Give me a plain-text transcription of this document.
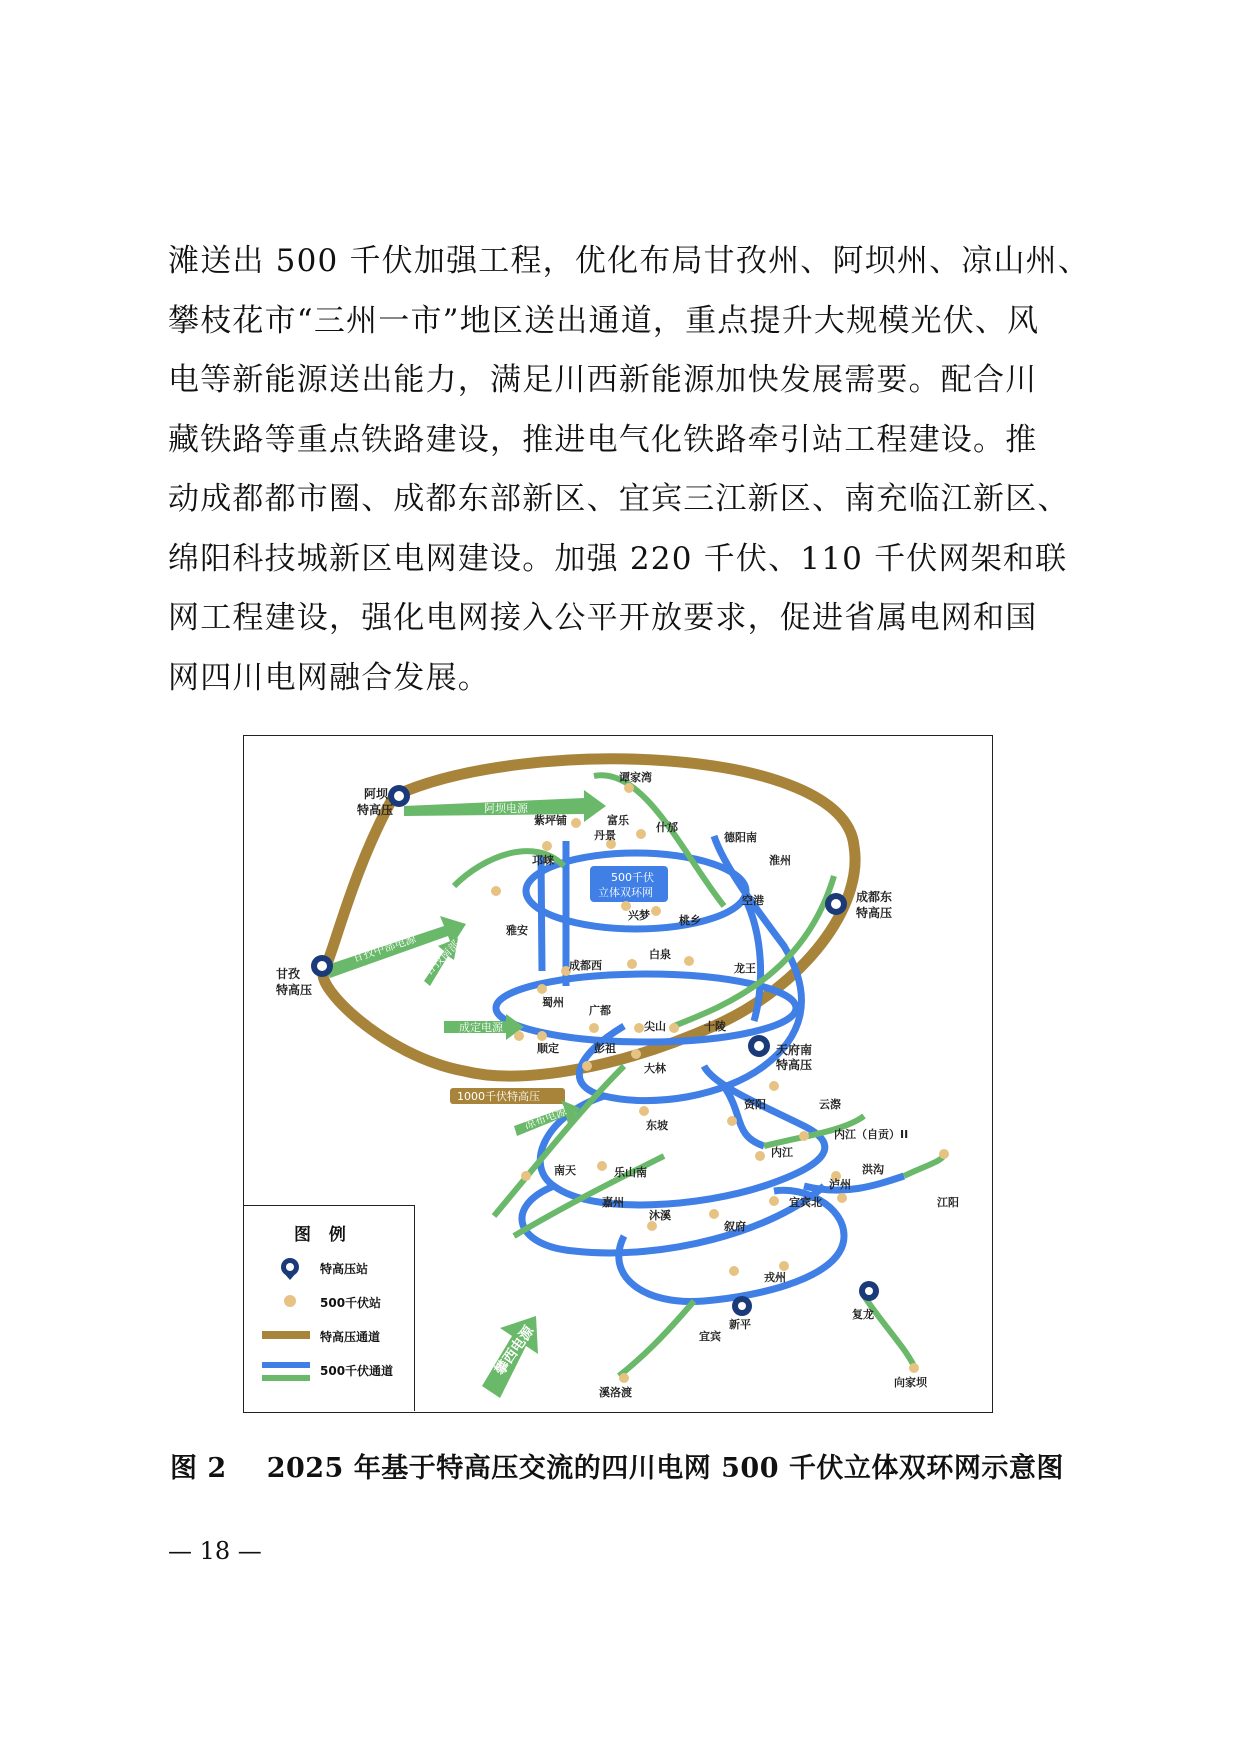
滩送出 500 千伏加强工程，优化布局甘孜州、阿坝州、凉山州、
攀枝花市“三州一市”地区送出通道，重点提升大规模光伏、风
电等新能源送出能力，满足川西新能源加快发展需要。配合川
藏铁路等重点铁路建设，推进电气化铁路牵引站工程建设。推
动成都都市圈、成都东部新区、宜宾三江新区、南充临江新区、
绵阳科技城新区电网建设。加强 220 千伏、110 千伏网架和联
网工程建设，强化电网接入公平开放要求，促进省属电网和国
网四川电网融合发展。
1000千伏特高压
阿坝电源
甘孜中部电源 甘孜南部
成定电源
凉布电源
攀西电源
500千伏
立体双环网
阿坝
特高压
成都东
特高压
甘孜
特高压
天府南
特高压
谭家湾
紫坪铺	富乐
丹景
什邡
德阳南
淮州
邛崃
空港
雅安
兴梦	桃乡
成都西
白泉
龙王
蜀州
广都
尖山	十陵
彭祖
顺定
大林
资阳	云漈
东坡
内江（自贡）II
内江
南天	乐山南	洪沟
泸州
嘉州	江阳
宜宾北
沐溪
叙府
戎州
新平
复龙
宜宾
向家坝
溪洛渡
图 例
特高压站
500千伏站
特高压通道
500千伏通道
图 2 2025 年基于特高压交流的四川电网 500 千伏立体双环网示意图
— 18 —
